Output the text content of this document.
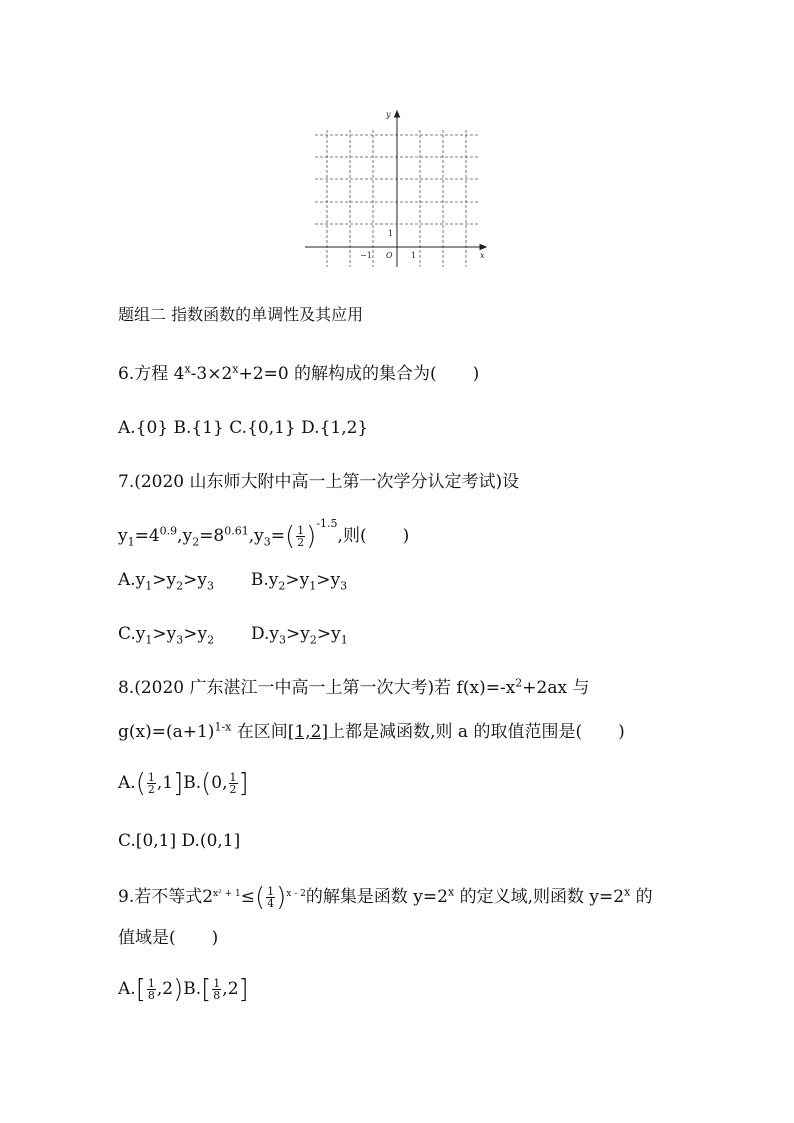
y
x
O
−1	1
1
题组二 指数函数的单调性及其应用
6.方程 $4^x-3\times 2^x+2=0$ 的解构成的集合为( )
A.{0} B.{1} C.{0,1} D.{1,2}
7.(2020 山东师大附中高一上第一次学分认定考试)设
$y_1=4^{0.9},y_2=8^{0.61},y_3=( \frac{1}{2} )^{-1.5}$,则( )
$A.y_1>y_2>y_3$ $B.y_2>y_1>y_3$
$C.y_1>y_3>y_2$ $D.y_3>y_2>y_1$
8.(2020 广东湛江一中高一上第一次大考)若 $f(x)=-x^2+2ax$ 与
$g(x)=(a+1)^{1-x}$ 在区间[1,2]上都是减函数,则 a 的取值范围是( )
$A.( \frac{1}{2} ,1]B.(0$, $\frac{1}{2}$ ]
C.[0,1] D.(0,1]
9.若不等式$2^{x^2 + 1}\le( \frac{1}{4} )^{x - 2}$的解集是函数 $y=2^x$ 的定义域,则函数 $y=2^x$ 的
值域是( )
$A.[ \frac{1}{8} ,2)B.[ \frac{1}{8} ,2]$
